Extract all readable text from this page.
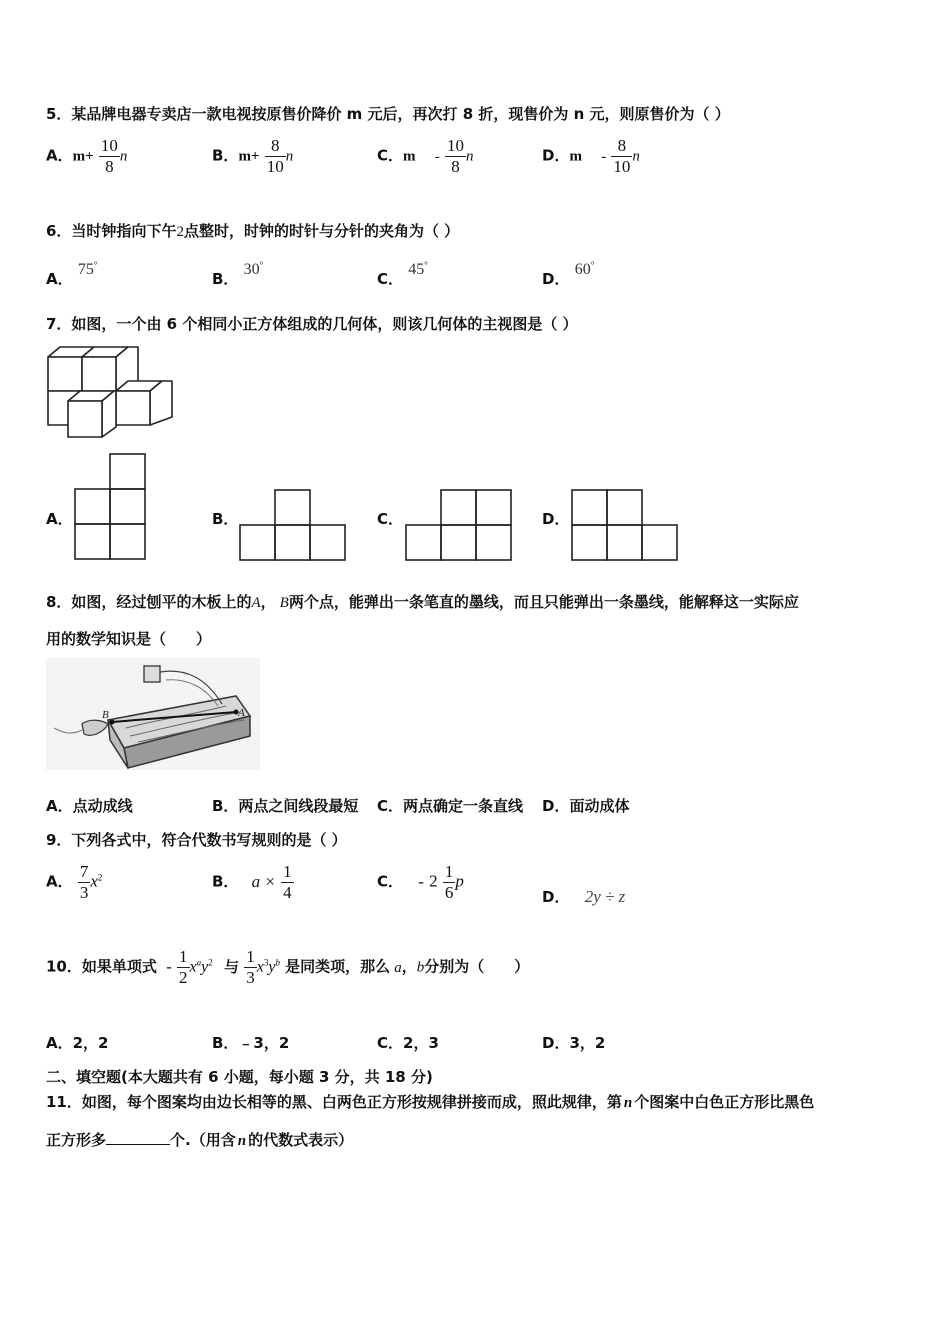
5．某品牌电器专卖店一款电视按原售价降价 m 元后，再次打 8 折，现售价为 n 元，则原售价为（ ）
A．$m+ \frac{10}{8}$ n	B．$m+ \frac{8}{10}$ n	C．m - $\frac{10}{8}$ n	D．m - $\frac{8}{10}$ n
6．当时钟指向下午2点整时，时钟的时针与分针的夹角为（ ）
A． 75°
B． 30°
C． 45°
D． 60°
7．如图，一个由 6 个相同小正方体组成的几何体，则该几何体的主视图是（ ）
A．	B．	C．	D．
8．如图，经过刨平的木板上的A， B两个点，能弹出一条笔直的墨线，而且只能弹出一条墨线，能解释这一实际应
用的数学知识是（　　）
B	A
A．点动成线	B．两点之间线段最短 C．两点确定一条直线 D．面动成体
9．下列各式中，符合代数书写规则的是（ ）
A． $\frac{7}{3} x^2$	B． $a \times \frac{1}{4}$	C． - $2 \frac{1}{6}$ p
D． 2y ÷ z
10．如果单项式 - $\frac{1}{2} x^ay^2$ 与 $\frac{1}{3} x^3y^b$ 是同类项，那么 a，b分别为（　　）
A．2，2	B．﹣3，2	C．2，3	D．3，2
二、填空题(本大题共有 6 小题，每小题 3 分，共 18 分)
11．如图，每个图案均由边长相等的黑、白两色正方形按规律拼接而成，照此规律，第 n 个图案中白色正方形比黑色
正方形多	个.（用含 n 的代数式表示）
